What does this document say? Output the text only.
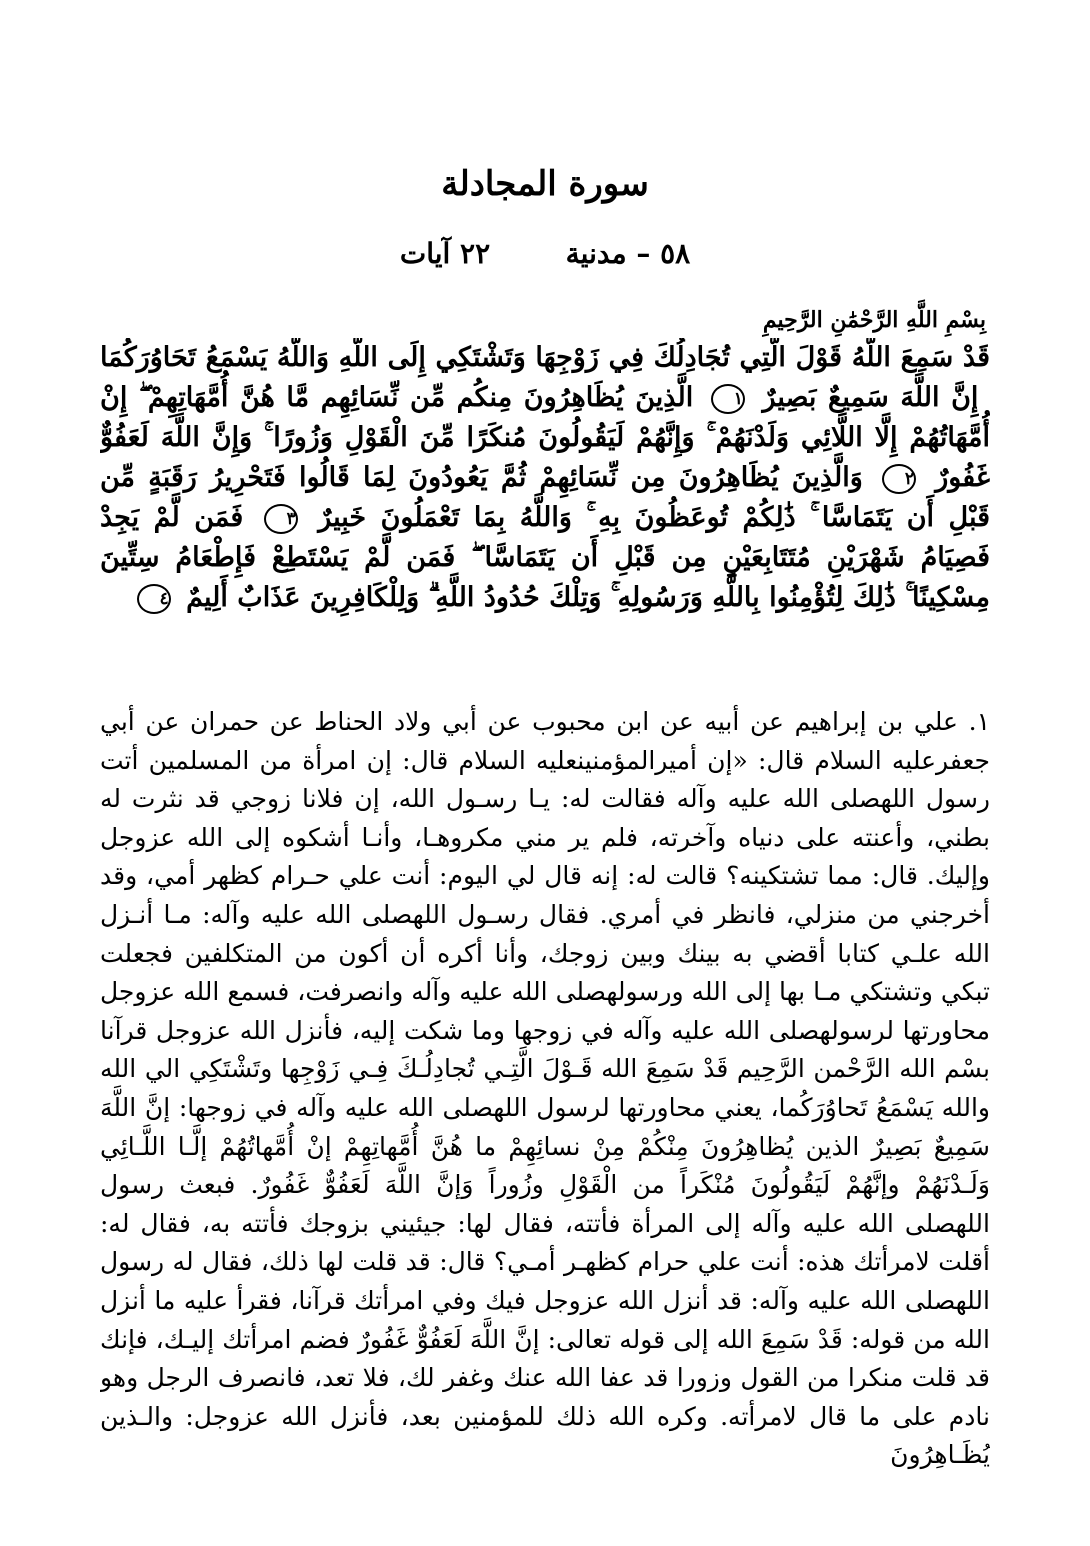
سورة المجادلة
٥٨ – مدنية  ٢٢ آيات
بِسْمِ اللَّهِ الرَّحْمَٰنِ الرَّحِيمِ
قَدْ سَمِعَ اللَّهُ قَوْلَ الَّتِي تُجَادِلُكَ فِي زَوْجِهَا وَتَشْتَكِي إِلَى اللَّهِ وَاللَّهُ يَسْمَعُ تَحَاوُرَكُمَا ۚ إِنَّ اللَّهَ سَمِيعٌ بَصِيرٌ ١ الَّذِينَ يُظَاهِرُونَ مِنكُم مِّن نِّسَائِهِم مَّا هُنَّ أُمَّهَاتِهِمْ ۖ إِنْ أُمَّهَاتُهُمْ إِلَّا اللَّائِي وَلَدْنَهُمْ ۚ وَإِنَّهُمْ لَيَقُولُونَ مُنكَرًا مِّنَ الْقَوْلِ وَزُورًا ۚ وَإِنَّ اللَّهَ لَعَفُوٌّ غَفُورٌ ٢ وَالَّذِينَ يُظَاهِرُونَ مِن نِّسَائِهِمْ ثُمَّ يَعُودُونَ لِمَا قَالُوا فَتَحْرِيرُ رَقَبَةٍ مِّن قَبْلِ أَن يَتَمَاسَّا ۚ ذَٰلِكُمْ تُوعَظُونَ بِهِ ۚ وَاللَّهُ بِمَا تَعْمَلُونَ خَبِيرٌ ٣ فَمَن لَّمْ يَجِدْ فَصِيَامُ شَهْرَيْنِ مُتَتَابِعَيْنِ مِن قَبْلِ أَن يَتَمَاسَّا ۖ فَمَن لَّمْ يَسْتَطِعْ فَإِطْعَامُ سِتِّينَ مِسْكِينًا ۚ ذَٰلِكَ لِتُؤْمِنُوا بِاللَّهِ وَرَسُولِهِ ۚ وَتِلْكَ حُدُودُ اللَّهِ ۗ وَلِلْكَافِرِينَ عَذَابٌ أَلِيمٌ ٤

١. علي بن إبراهيم عن أبيه عن ابن محبوب عن أبي ولاد الحناط عن حمران عن أبي جعفرعليه السلام قال: «إن أميرالمؤمنينعليه السلام قال: إن امرأة من المسلمين أتت رسول اللهصلى الله عليه وآله فقالت له: يـا رسـول الله، إن فلانا زوجي قد نثرت له بطني، وأعنته على دنياه وآخرته، فلم ير مني مكروهـا، وأنـا أشكوه إلى الله عزوجل وإليك. قال: مما تشتكينه؟ قالت له: إنه قال لي اليوم: أنت علي حـرام كظهر أمي، وقد أخرجني من منزلي، فانظر في أمري. فقال رسـول اللهصلى الله عليه وآله: مـا أنـزل الله علـي كتابا أقضي به بينك وبين زوجك، وأنا أكره أن أكون من المتكلفين فجعلت تبكي وتشتكي مـا بها إلى الله ورسولهصلى الله عليه وآله وانصرفت، فسمع الله عزوجل محاورتها لرسولهصلى الله عليه وآله في زوجها وما شكت إليه، فأنزل الله عزوجل قرآنا بسْم الله الرَّحْمن الرَّحِيم قَدْ سَمِعَ الله قَـوْلَ الَّتِـي تُجادِلُـكَ فِـي زَوْجِها وتَشْتَكِي الي الله والله يَسْمَعُ تَحاوُرَكُما، يعني محاورتها لرسول اللهصلى الله عليه وآله في زوجها: إنَّ اللَّهَ سَمِيعٌ بَصِيرٌ الذين يُظاهِرُونَ مِنْكُمْ مِنْ نسائِهِمْ ما هُنَّ أُمَّهاتِهِمْ إنْ أُمَّهاتُهُمْ إلَّـا اللَّـائِي وَلَـدْنَهُمْ وإنَّهُمْ لَيَقُولُونَ مُنْكَراً من الْقَوْلِ وزُوراً وَإنَّ اللَّهَ لَعَفُوٌّ غَفُورٌ. فبعث رسول اللهصلى الله عليه وآله إلى المرأة فأتته، فقال لها: جيئيني بزوجك فأتته به، فقال له: أقلت لامرأتك هذه: أنت علي حرام كظهـر أمـي؟ قال: قد قلت لها ذلك، فقال له رسول اللهصلى الله عليه وآله: قد أنزل الله عزوجل فيك وفي امرأتك قرآنا، فقرأ عليه ما أنزل الله من قوله: قَدْ سَمِعَ الله إلى قوله تعالى: إنَّ اللَّهَ لَعَفُوٌّ غَفُورٌ فضم امرأتك إليـك، فإنك قد قلت منكرا من القول وزورا قد عفا الله عنك وغفر لك، فلا تعد، فانصرف الرجل وهو نادم على ما قال لامرأته. وكره الله ذلك للمؤمنين بعد، فأنزل الله عزوجل: والـذين يُظَـاهِرُونَ
